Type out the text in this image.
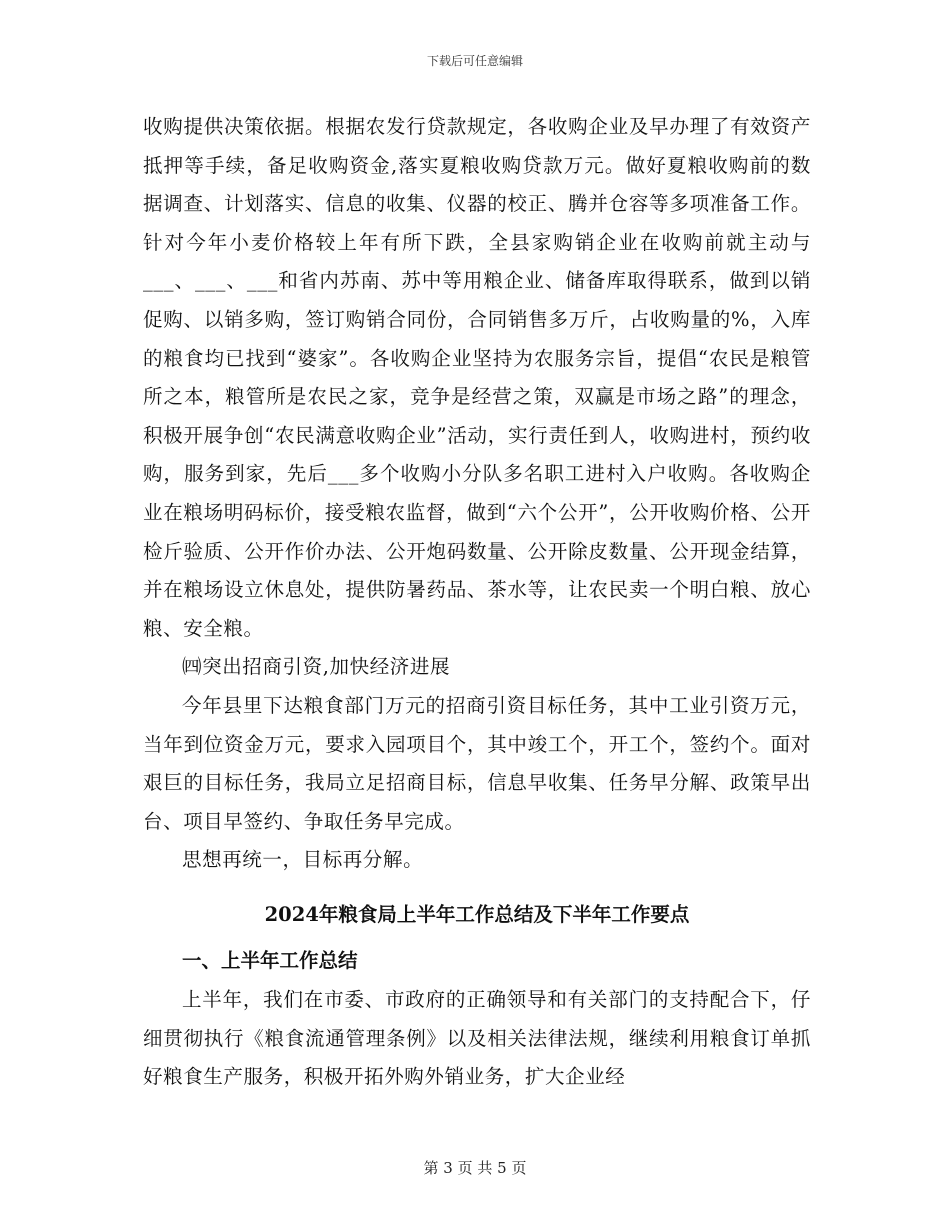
下载后可任意编辑

收购提供决策依据。根据农发行贷款规定，各收购企业及早办理了有效资产抵押等手续，备足收购资金,落实夏粮收购贷款万元。做好夏粮收购前的数据调查、计划落实、信息的收集、仪器的校正、腾并仓容等多项准备工作。针对今年小麦价格较上年有所下跌，全县家购销企业在收购前就主动与___、___、___和省内苏南、苏中等用粮企业、储备库取得联系，做到以销促购、以销多购，签订购销合同份，合同销售多万斤，占收购量的%，入库的粮食均已找到“婆家”。各收购企业坚持为农服务宗旨，提倡“农民是粮管所之本，粮管所是农民之家，竞争是经营之策，双赢是市场之路”的理念，积极开展争创“农民满意收购企业”活动，实行责任到人，收购进村，预约收购，服务到家，先后___多个收购小分队多名职工进村入户收购。各收购企业在粮场明码标价，接受粮农监督，做到“六个公开”，公开收购价格、公开检斤验质、公开作价办法、公开炮码数量、公开除皮数量、公开现金结算，并在粮场设立休息处，提供防暑药品、茶水等，让农民卖一个明白粮、放心粮、安全粮。

㈣突出招商引资,加快经济进展

今年县里下达粮食部门万元的招商引资目标任务，其中工业引资万元，当年到位资金万元，要求入园项目个，其中竣工个，开工个，签约个。面对艰巨的目标任务，我局立足招商目标，信息早收集、任务早分解、政策早出台、项目早签约、争取任务早完成。

思想再统一，目标再分解。

2024年粮食局上半年工作总结及下半年工作要点
一、上半年工作总结

上半年，我们在市委、市政府的正确领导和有关部门的支持配合下，仔细贯彻执行《粮食流通管理条例》以及相关法律法规，继续利用粮食订单抓好粮食生产服务，积极开拓外购外销业务，扩大企业经

第 3 页 共 5 页
